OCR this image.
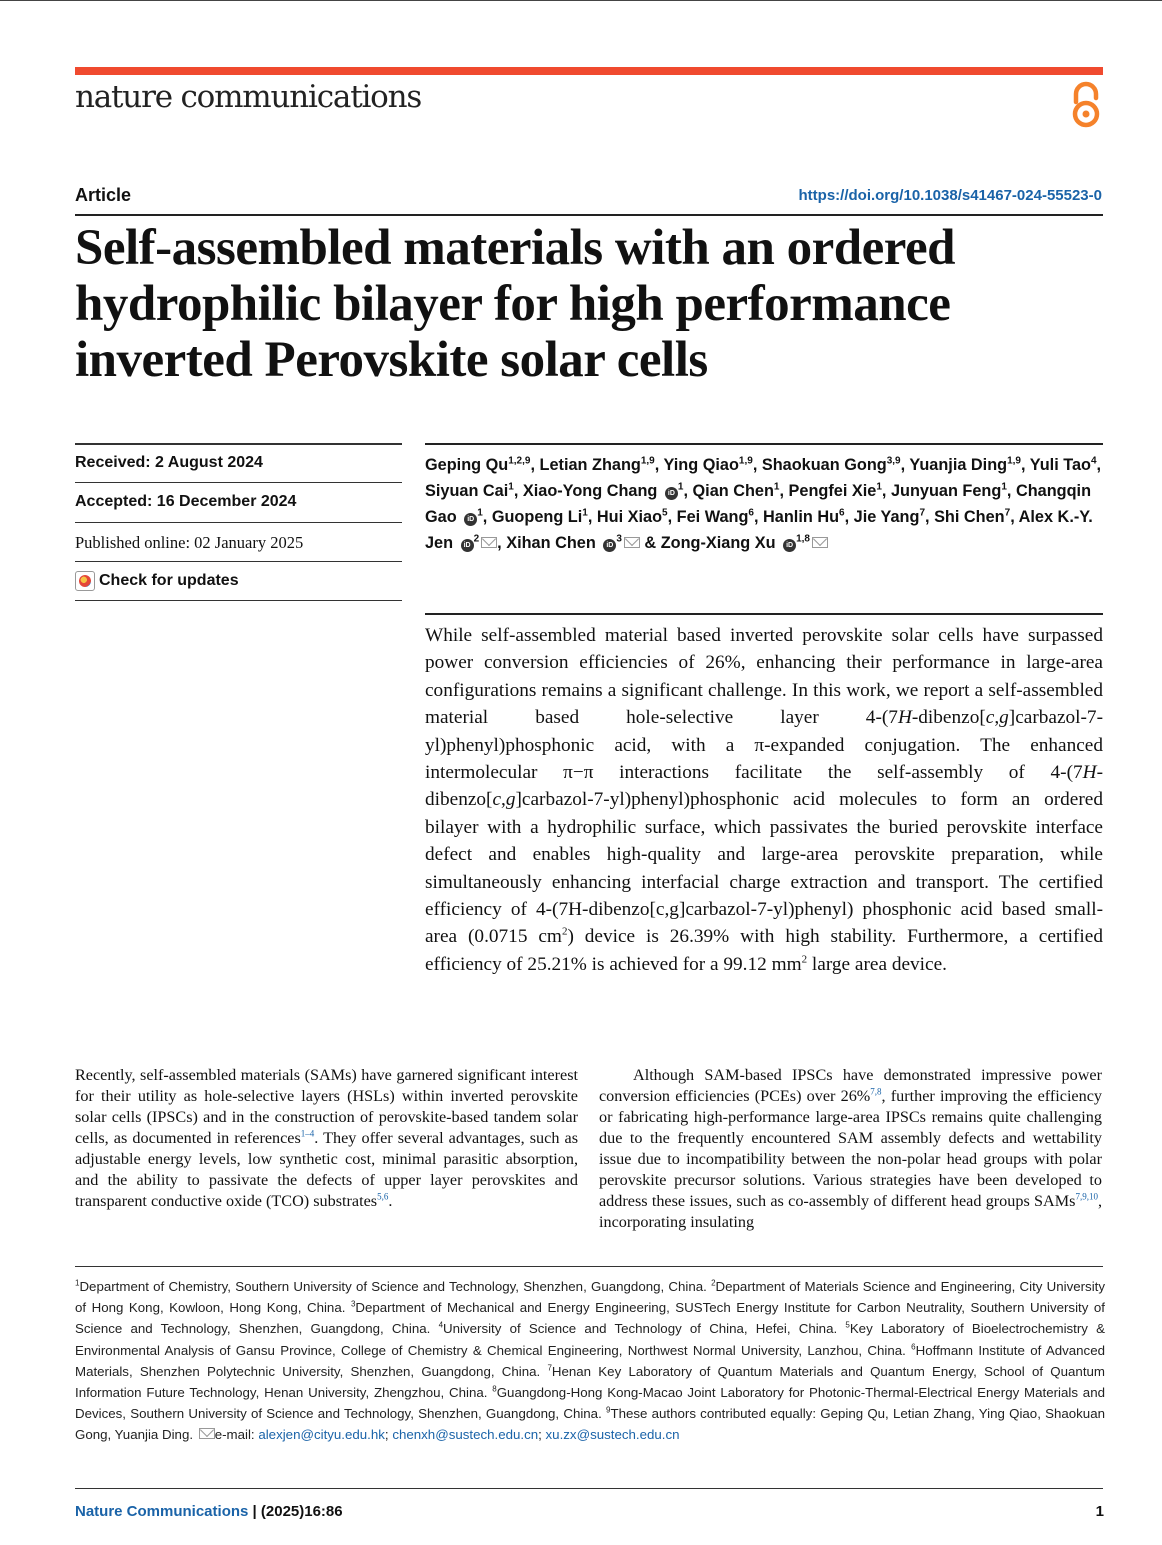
nature communications
Article	https://doi.org/10.1038/s41467-024-55523-0
Self-assembled materials with an ordered hydrophilic bilayer for high performance inverted Perovskite solar cells
Received: 2 August 2024
Accepted: 16 December 2024
Published online: 02 January 2025
Check for updates
Geping Qu$^{1,2,9}$, Letian Zhang$^{1,9}$, Ying Qiao$^{1,9}$, Shaokuan Gong$^{3,9}$, Yuanjia Ding$^{1,9}$, Yuli Tao$^4$, Siyuan Cai$^1$, Xiao-Yong Chang $iD^1$, Qian Chen$^1$, Pengfei Xie$^1$, Junyuan Feng$^1$, Changqin Gao $iD^1$, Guopeng Li$^1$, Hui Xiao$^5$, Fei Wang$^6$, Hanlin Hu$^6$, Jie Yang$^7$, Shi Chen$^7$, Alex K.-Y. Jen $iD^2$ , Xihan Chen $iD^3$ & Zong-Xiang Xu iD$^{1,8}$
While self-assembled material based inverted perovskite solar cells have surpassed power conversion efficiencies of 26%, enhancing their performance in large-area configurations remains a significant challenge. In this work, we report a self-assembled material based hole-selective layer 4-(7H-dibenzo[c,g]carbazol-7-yl)phenyl)phosphonic acid, with a π-expanded conjugation. The enhanced intermolecular π−π interactions facilitate the self-assembly of 4-(7H-dibenzo[c,g]carbazol-7-yl)phenyl)phosphonic acid molecules to form an ordered bilayer with a hydrophilic surface, which passivates the buried perovskite interface defect and enables high-quality and large-area perovskite preparation, while simultaneously enhancing interfacial charge extraction and transport. The certified efficiency of 4-(7H-dibenzo[c,g]carbazol-7-yl)phenyl) phosphonic acid based small-area (0.0715 $cm^2$) device is 26.39% with high stability. Furthermore, a certified efficiency of 25.21% is achieved for a 99.12 $mm^2$ large area device.
Recently, self-assembled materials (SAMs) have garnered significant interest for their utility as hole-selective layers (HSLs) within inverted perovskite solar cells (IPSCs) and in the construction of perovskite-based tandem solar cells, as documented in references$^{1-4}$. They offer several advantages, such as adjustable energy levels, low synthetic cost, minimal parasitic absorption, and the ability to passivate the defects of upper layer perovskites and transparent conductive oxide (TCO) substrates$^{5,6}$.
Although SAM-based IPSCs have demonstrated impressive power conversion efficiencies (PCEs) over 26%$^{7,8}$, further improving the efficiency or fabricating high-performance large-area IPSCs remains quite challenging due to the frequently encountered SAM assembly defects and wettability issue due to incompatibility between the non-polar head groups with polar perovskite precursor solutions. Various strategies have been developed to address these issues, such as co-assembly of different head groups SAMs$^{7,9,10}$, incorporating insulating
$^1$Department of Chemistry, Southern University of Science and Technology, Shenzhen, Guangdong, China. $^2$Department of Materials Science and Engineering, City University of Hong Kong, Kowloon, Hong Kong, China. $^3$Department of Mechanical and Energy Engineering, SUSTech Energy Institute for Carbon Neutrality, Southern University of Science and Technology, Shenzhen, Guangdong, China. $^4$University of Science and Technology of China, Hefei, China. $^5$Key Laboratory of Bioelectrochemistry & Environmental Analysis of Gansu Province, College of Chemistry & Chemical Engineering, Northwest Normal University, Lanzhou, China. $^6$Hoffmann Institute of Advanced Materials, Shenzhen Polytechnic University, Shenzhen, Guangdong, China. $^7$Henan Key Laboratory of Quantum Materials and Quantum Energy, School of Quantum Information Future Technology, Henan University, Zhengzhou, China. $^8$Guangdong-Hong Kong-Macao Joint Laboratory for Photonic-Thermal-Electrical Energy Materials and Devices, Southern University of Science and Technology, Shenzhen, Guangdong, China. $^9$These authors contributed equally: Geping Qu, Letian Zhang, Ying Qiao, Shaokuan Gong, Yuanjia Ding. e-mail: alexjen@cityu.edu.hk; chenxh@sustech.edu.cn; xu.zx@sustech.edu.cn
Nature Communications | (2025)16:86	1
